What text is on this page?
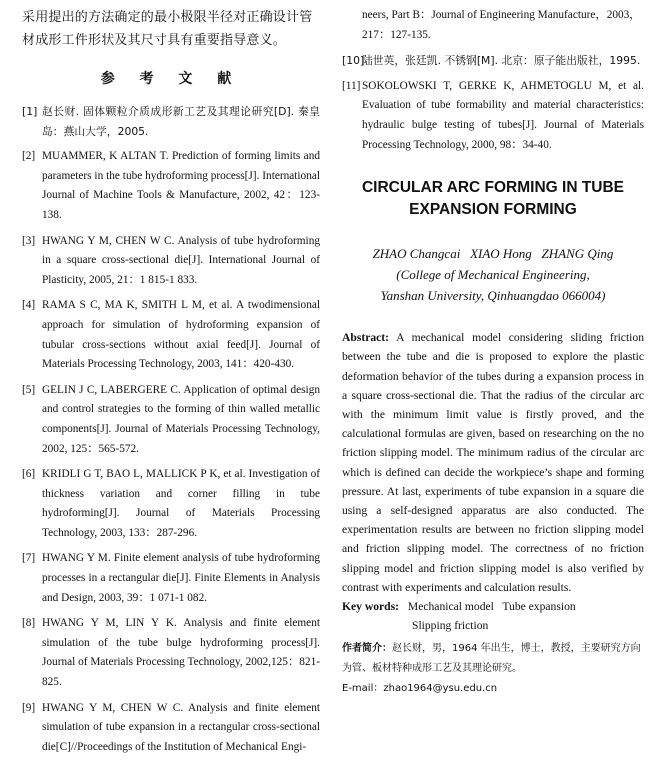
采用提出的方法确定的最小极限半径对正确设计管材成形工件形状及其尺寸具有重要指导意义。
参 考 文 献
[1] 赵长财. 固体颗粒介质成形新工艺及其理论研究[D]. 秦皇岛：燕山大学，2005.
[2] MUAMMER, K ALTAN T. Prediction of forming limits and parameters in the tube hydroforming process[J]. International Journal of Machine Tools & Manufacture, 2002, 42：123-138.
[3] HWANG Y M, CHEN W C. Analysis of tube hydroforming in a square cross-sectional die[J]. International Journal of Plasticity, 2005, 21：1 815-1 833.
[4] RAMA S C, MA K, SMITH L M, et al. A twodimensional approach for simulation of hydroforming expansion of tubular cross-sections without axial feed[J]. Journal of Materials Processing Technology, 2003, 141：420-430.
[5] GELIN J C, LABERGERE C. Application of optimal design and control strategies to the forming of thin walled metallic components[J]. Journal of Materials Processing Technology, 2002, 125：565-572.
[6] KRIDLI G T, BAO L, MALLICK P K, et al. Investigation of thickness variation and corner filling in tube hydroforming[J]. Journal of Materials Processing Technology, 2003, 133：287-296.
[7] HWANG Y M. Finite element analysis of tube hydroforming processes in a rectangular die[J]. Finite Elements in Analysis and Design, 2003, 39：1 071-1 082.
[8] HWANG Y M, LIN Y K. Analysis and finite element simulation of the tube bulge hydroforming process[J]. Journal of Materials Processing Technology, 2002,125：821-825.
[9] HWANG Y M, CHEN W C. Analysis and finite element simulation of tube expansion in a rectangular cross-sectional die[C]//Proceedings of the Institution of Mechanical Engi-
neers, Part B：Journal of Engineering Manufacture，2003，217：127-135.
[10]
陆世英，张廷凯. 不锈钢[M]. 北京：原子能出版社，1995.
[11] SOKOLOWSKI T, GERKE K, AHMETOGLU M, et al. Evaluation of tube formability and material characteristics: hydraulic bulge testing of tubes[J]. Journal of Materials Processing Technology, 2000, 98：34-40.
CIRCULAR ARC FORMING IN TUBE
EXPANSION FORMING
ZHAO Changcai   XIAO Hong   ZHANG Qing
(College of Mechanical Engineering,
Yanshan University, Qinhuangdao 066004)
Abstract: A mechanical model considering sliding friction between the tube and die is proposed to explore the plastic deformation behavior of the tubes during a expansion process in a square cross-sectional die. That the radius of the circular arc with the minimum limit value is firstly proved, and the calculational formulas are given, based on researching on the no friction slipping model. The minimum radius of the circular arc which is defined can decide the workpiece’s shape and forming pressure. At last, experiments of tube expansion in a square die using a self-designed apparatus are also conducted. The experimentation results are between no friction slipping model and friction slipping model. The correctness of no friction slipping model and friction slipping model is also verified by contrast with experiments and calculation results.
Key words: Mechanical model   Tube expansion
Slipping friction
作者简介：赵长财，男，1964 年出生，博士，教授，主要研究方向为管、板材特种成形工艺及其理论研究。
E-mail：zhao1964@ysu.edu.cn
